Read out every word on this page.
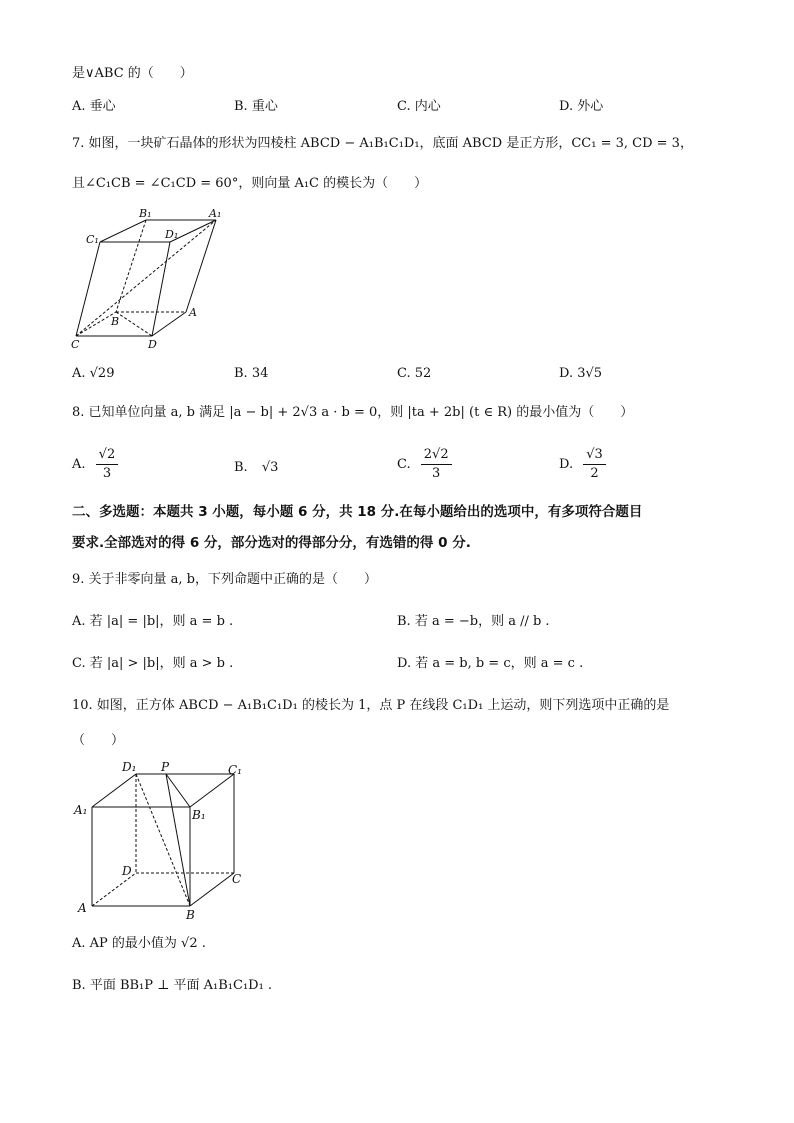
是∨ABC 的（　　）
A. 垂心	B. 重心	C. 内心	D. 外心
7. 如图，一块矿石晶体的形状为四棱柱 ABCD − A₁B₁C₁D₁，底面 ABCD 是正方形，CC₁ = 3, CD = 3，
且∠C₁CB = ∠C₁CD = 60°，则向量 A₁C 的模长为（　　）
B₁	A₁
C₁	D₁
B
A
C	D
A. √29	B. 34	C. 52	D. 3√5
8. 已知单位向量 a, b 满足 |a − b| + 2√3 a · b = 0，则 |ta + 2b| (t ∈ R) 的最小值为（　　）
A. $\frac{√2}{3}$	B. √3	C. $\frac{2√2}{3}$	D. $\frac{√3}{2}$
二、多选题：本题共 3 小题，每小题 6 分，共 18 分.在每小题给出的选项中，有多项符合题目
要求.全部选对的得 6 分，部分选对的得部分分，有选错的得 0 分.
9. 关于非零向量 a, b，下列命题中正确的是（　　）
A. 若 |a| = |b|，则 a = b .	B. 若 a = −b，则 a // b .
C. 若 |a| > |b|，则 a > b .	D. 若 a = b, b = c，则 a = c .
10. 如图，正方体 ABCD − A₁B₁C₁D₁ 的棱长为 1，点 P 在线段 C₁D₁ 上运动，则下列选项中正确的是
（　　）
D₁ P	C₁
A₁	B₁
D
C
A	B
A. AP 的最小值为 √2 .
B. 平面 BB₁P ⊥ 平面 A₁B₁C₁D₁ .
